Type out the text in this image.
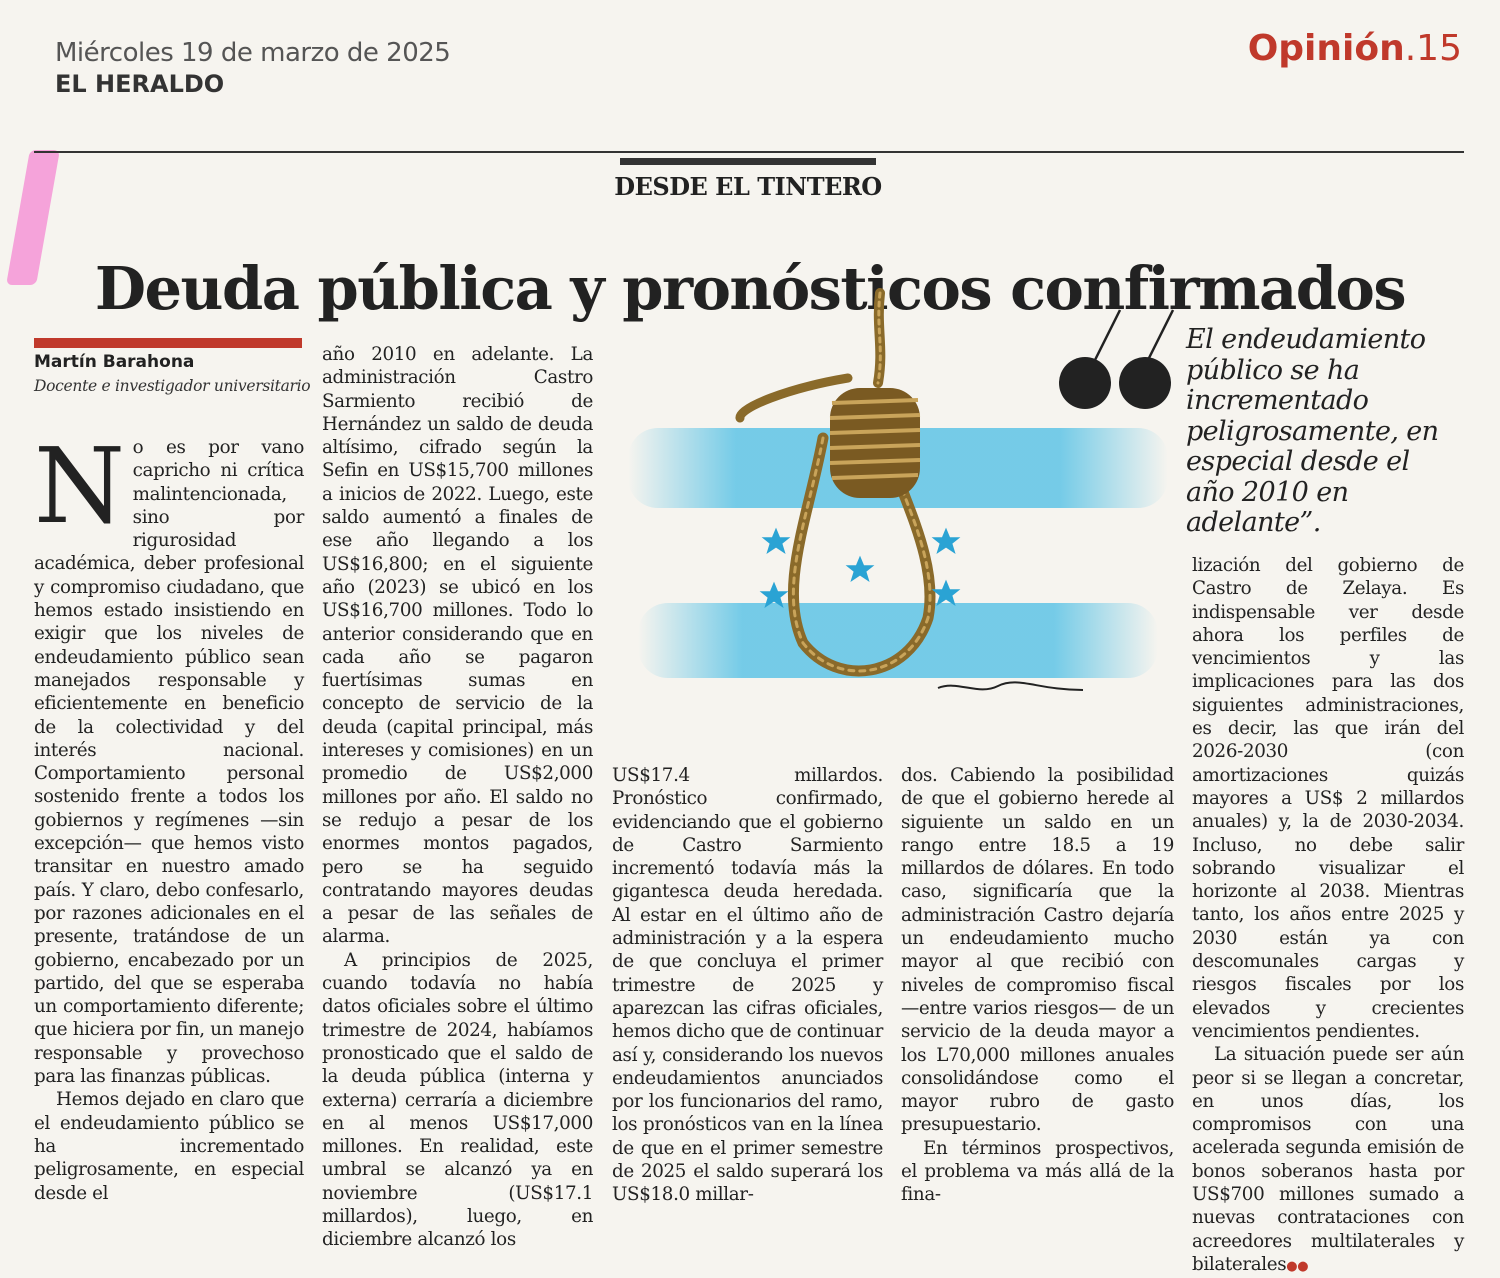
Miércoles 19 de marzo de 2025
EL HERALDO
Opinión.15
DESDE EL TINTERO
Deuda pública y pronósticos confirmados
Martín Barahona
Docente e investigador universitario

No es por vano capricho ni crítica malintencionada, sino por rigurosidad académica, deber profesional y compromiso ciudadano, que hemos estado insistiendo en exigir que los niveles de endeudamiento público sean manejados responsable y eficientemente en beneficio de la colectividad y del interés nacional. Comportamiento personal sostenido frente a todos los gobiernos y regímenes —sin excepción— que hemos visto transitar en nuestro amado país. Y claro, debo confesarlo, por razones adicionales en el presente, tratándose de un gobierno, encabezado por un partido, del que se esperaba un comportamiento diferente; que hiciera por fin, un manejo responsable y provechoso para las finanzas públicas.

Hemos dejado en claro que el endeudamiento público se ha incrementado peligrosamente, en especial desde el

año 2010 en adelante. La administración Castro Sarmiento recibió de Hernández un saldo de deuda altísimo, cifrado según la Sefin en US$15,700 millones a inicios de 2022. Luego, este saldo aumentó a finales de ese año llegando a los US$16,800; en el siguiente año (2023) se ubicó en los US$16,700 millones. Todo lo anterior considerando que en cada año se pagaron fuertísimas sumas en concepto de servicio de la deuda (capital principal, más intereses y comisiones) en un promedio de US$2,000 millones por año. El saldo no se redujo a pesar de los enormes montos pagados, pero se ha seguido contratando mayores deudas a pesar de las señales de alarma.

A principios de 2025, cuando todavía no había datos oficiales sobre el último trimestre de 2024, habíamos pronosticado que el saldo de la deuda pública (interna y externa) cerraría a diciembre en al menos US$17,000 millones. En realidad, este umbral se alcanzó ya en noviembre (US$17.1 millardos), luego, en diciembre alcanzó los

El endeudamiento público se ha incrementado peligrosamente, en especial desde el año 2010 en adelante”.

US$17.4 millardos. Pronóstico confirmado, evidenciando que el gobierno de Castro Sarmiento incrementó todavía más la gigantesca deuda heredada. Al estar en el último año de administración y a la espera de que concluya el primer trimestre de 2025 y aparezcan las cifras oficiales, hemos dicho que de continuar así y, considerando los nuevos endeudamientos anunciados por los funcionarios del ramo, los pronósticos van en la línea de que en el primer semestre de 2025 el saldo superará los US$18.0 millar-

dos. Cabiendo la posibilidad de que el gobierno herede al siguiente un saldo en un rango entre 18.5 a 19 millardos de dólares. En todo caso, significaría que la administración Castro dejaría un endeudamiento mucho mayor al que recibió con niveles de compromiso fiscal —entre varios riesgos— de un servicio de la deuda mayor a los L70,000 millones anuales consolidándose como el mayor rubro de gasto presupuestario.

En términos prospectivos, el problema va más allá de la fina-

lización del gobierno de Castro de Zelaya. Es indispensable ver desde ahora los perfiles de vencimientos y las implicaciones para las dos siguientes administraciones, es decir, las que irán del 2026-2030 (con amortizaciones quizás mayores a US$ 2 millardos anuales) y, la de 2030-2034. Incluso, no debe salir sobrando visualizar el horizonte al 2038. Mientras tanto, los años entre 2025 y 2030 están ya con descomunales cargas y riesgos fiscales por los elevados y crecientes vencimientos pendientes.

La situación puede ser aún peor si se llegan a concretar, en unos días, los compromisos con una acelerada segunda emisión de bonos soberanos hasta por US$700 millones sumado a nuevas contrataciones con acreedores multilaterales y bilaterales●●
